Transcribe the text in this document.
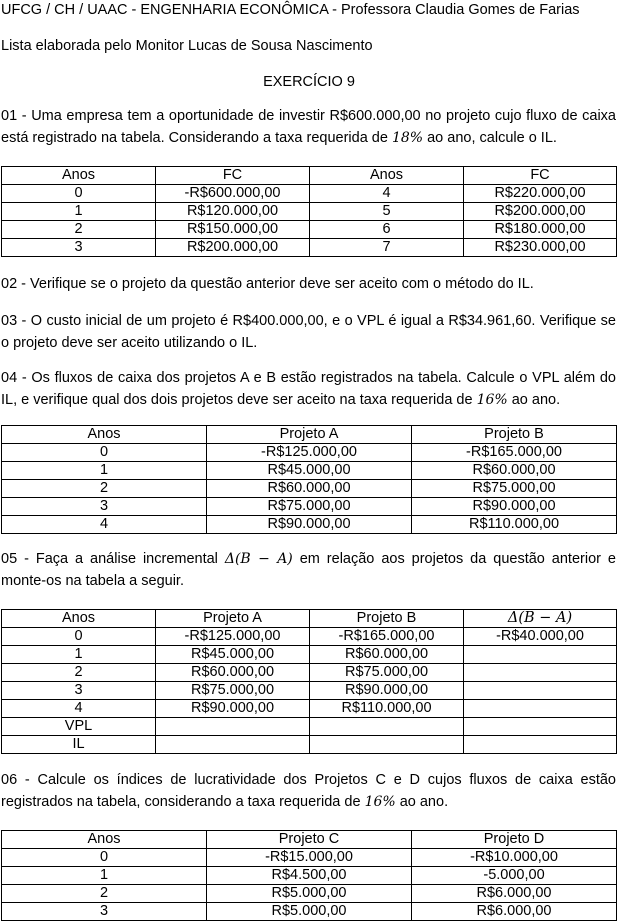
UFCG / CH / UAAC - ENGENHARIA ECONÔMICA - Professora Claudia Gomes de Farias
Lista elaborada pelo Monitor Lucas de Sousa Nascimento
EXERCÍCIO 9
01 - Uma empresa tem a oportunidade de investir R$600.000,00 no projeto cujo fluxo de caixa está registrado na tabela. Considerando a taxa requerida de 18% ao ano, calcule o IL.
Anos	FC	Anos	FC
0	-R$600.000,00	4	R$220.000,00
1	R$120.000,00	5	R$200.000,00
2	R$150.000,00	6	R$180.000,00
3	R$200.000,00	7	R$230.000,00
02 - Verifique se o projeto da questão anterior deve ser aceito com o método do IL.
03 - O custo inicial de um projeto é R$400.000,00, e o VPL é igual a R$34.961,60. Verifique se o projeto deve ser aceito utilizando o IL.
04 - Os fluxos de caixa dos projetos A e B estão registrados na tabela. Calcule o VPL além do IL, e verifique qual dos dois projetos deve ser aceito na taxa requerida de 16% ao ano.
Anos	Projeto A	Projeto B
0	-R$125.000,00	-R$165.000,00
1	R$45.000,00	R$60.000,00
2	R$60.000,00	R$75.000,00
3	R$75.000,00	R$90.000,00
4	R$90.000,00	R$110.000,00
05 - Faça a análise incremental Δ(B − A) em relação aos projetos da questão anterior e monte-os na tabela a seguir.
Anos	Projeto A	Projeto B	Δ(B − A)
0	-R$125.000,00	-R$165.000,00	-R$40.000,00
1	R$45.000,00	R$60.000,00	
2	R$60.000,00	R$75.000,00	
3	R$75.000,00	R$90.000,00	
4	R$90.000,00	R$110.000,00	
VPL			
IL			
06 - Calcule os índices de lucratividade dos Projetos C e D cujos fluxos de caixa estão registrados na tabela, considerando a taxa requerida de 16% ao ano.
Anos	Projeto C	Projeto D
0	-R$15.000,00	-R$10.000,00
1	R$4.500,00	-5.000,00
2	R$5.000,00	R$6.000,00
3	R$5.000,00	R$6.000,00
